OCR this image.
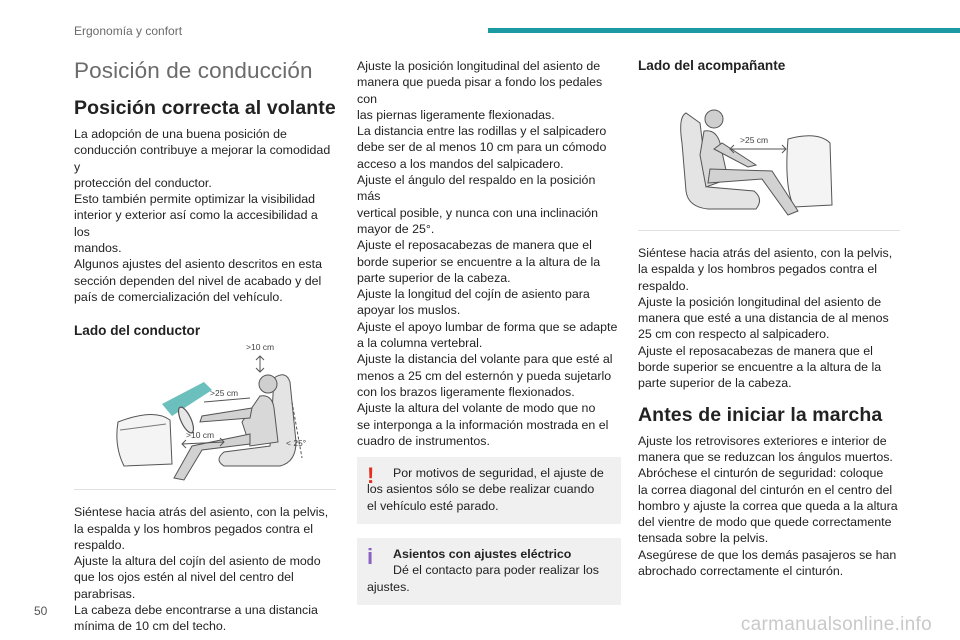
Ergonomía y confort
Posición de conducción
Posición correcta al volante

La adopción de una buena posición de
conducción contribuye a mejorar la comodidad y
protección del conductor.
Esto también permite optimizar la visibilidad
interior y exterior así como la accesibilidad a los
mandos.
Algunos ajustes del asiento descritos en esta
sección dependen del nivel de acabado y del
país de comercialización del vehículo.

Lado del conductor
>10 cm
>25 cm
>10 cm
< 25°

Siéntese hacia atrás del asiento, con la pelvis,
la espalda y los hombros pegados contra el
respaldo.
Ajuste la altura del cojín del asiento de modo
que los ojos estén al nivel del centro del
parabrisas.
La cabeza debe encontrarse a una distancia
mínima de 10 cm del techo.

Ajuste la posición longitudinal del asiento de
manera que pueda pisar a fondo los pedales con
las piernas ligeramente flexionadas.
La distancia entre las rodillas y el salpicadero
debe ser de al menos 10 cm para un cómodo
acceso a los mandos del salpicadero.
Ajuste el ángulo del respaldo en la posición más
vertical posible, y nunca con una inclinación
mayor de 25°.
Ajuste el reposacabezas de manera que el
borde superior se encuentre a la altura de la
parte superior de la cabeza.
Ajuste la longitud del cojín de asiento para
apoyar los muslos.
Ajuste el apoyo lumbar de forma que se adapte
a la columna vertebral.
Ajuste la distancia del volante para que esté al
menos a 25 cm del esternón y pueda sujetarlo
con los brazos ligeramente flexionados.
Ajuste la altura del volante de modo que no
se interponga a la información mostrada en el
cuadro de instrumentos.

!	Por motivos de seguridad, el ajuste de
los asientos sólo se debe realizar cuando
el vehículo esté parado.

i	Asientos con ajustes eléctrico

Dé el contacto para poder realizar los
ajustes.

Lado del acompañante
>25 cm

Siéntese hacia atrás del asiento, con la pelvis,
la espalda y los hombros pegados contra el
respaldo.
Ajuste la posición longitudinal del asiento de
manera que esté a una distancia de al menos
25 cm con respecto al salpicadero.
Ajuste el reposacabezas de manera que el
borde superior se encuentre a la altura de la
parte superior de la cabeza.

Antes de iniciar la marcha

Ajuste los retrovisores exteriores e interior de
manera que se reduzcan los ángulos muertos.
Abróchese el cinturón de seguridad: coloque
la correa diagonal del cinturón en el centro del
hombro y ajuste la correa que queda a la altura
del vientre de modo que quede correctamente
tensada sobre la pelvis.
Asegúrese de que los demás pasajeros se han
abrochado correctamente el cinturón.

50
carmanualsonline.info
